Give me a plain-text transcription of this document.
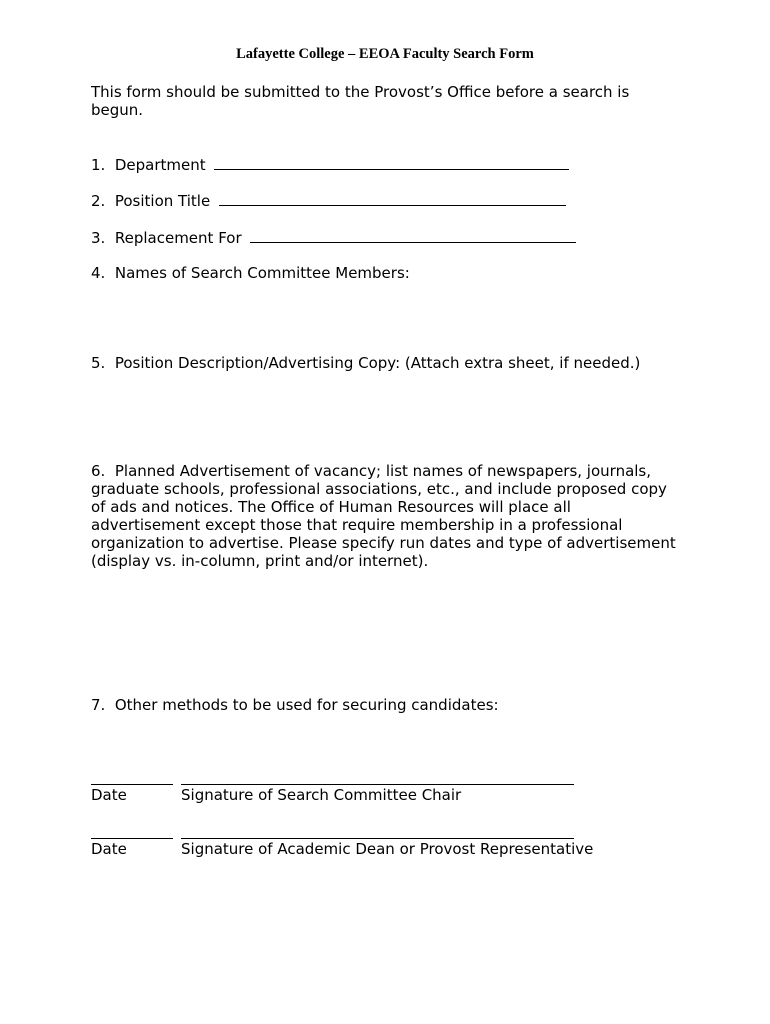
Lafayette College – EEOA Faculty Search Form
This form should be submitted to the Provost’s Office before a search is begun.
1. Department
2. Position Title
3. Replacement For
4. Names of Search Committee Members:
5. Position Description/Advertising Copy: (Attach extra sheet, if needed.)
6. Planned Advertisement of vacancy; list names of newspapers, journals, graduate schools, professional associations, etc., and include proposed copy of ads and notices. The Office of Human Resources will place all advertisement except those that require membership in a professional organization to advertise. Please specify run dates and type of advertisement (display vs. in-column, print and/or internet).
7. Other methods to be used for securing candidates:
Date	Signature of Search Committee Chair
Date	Signature of Academic Dean or Provost Representative
